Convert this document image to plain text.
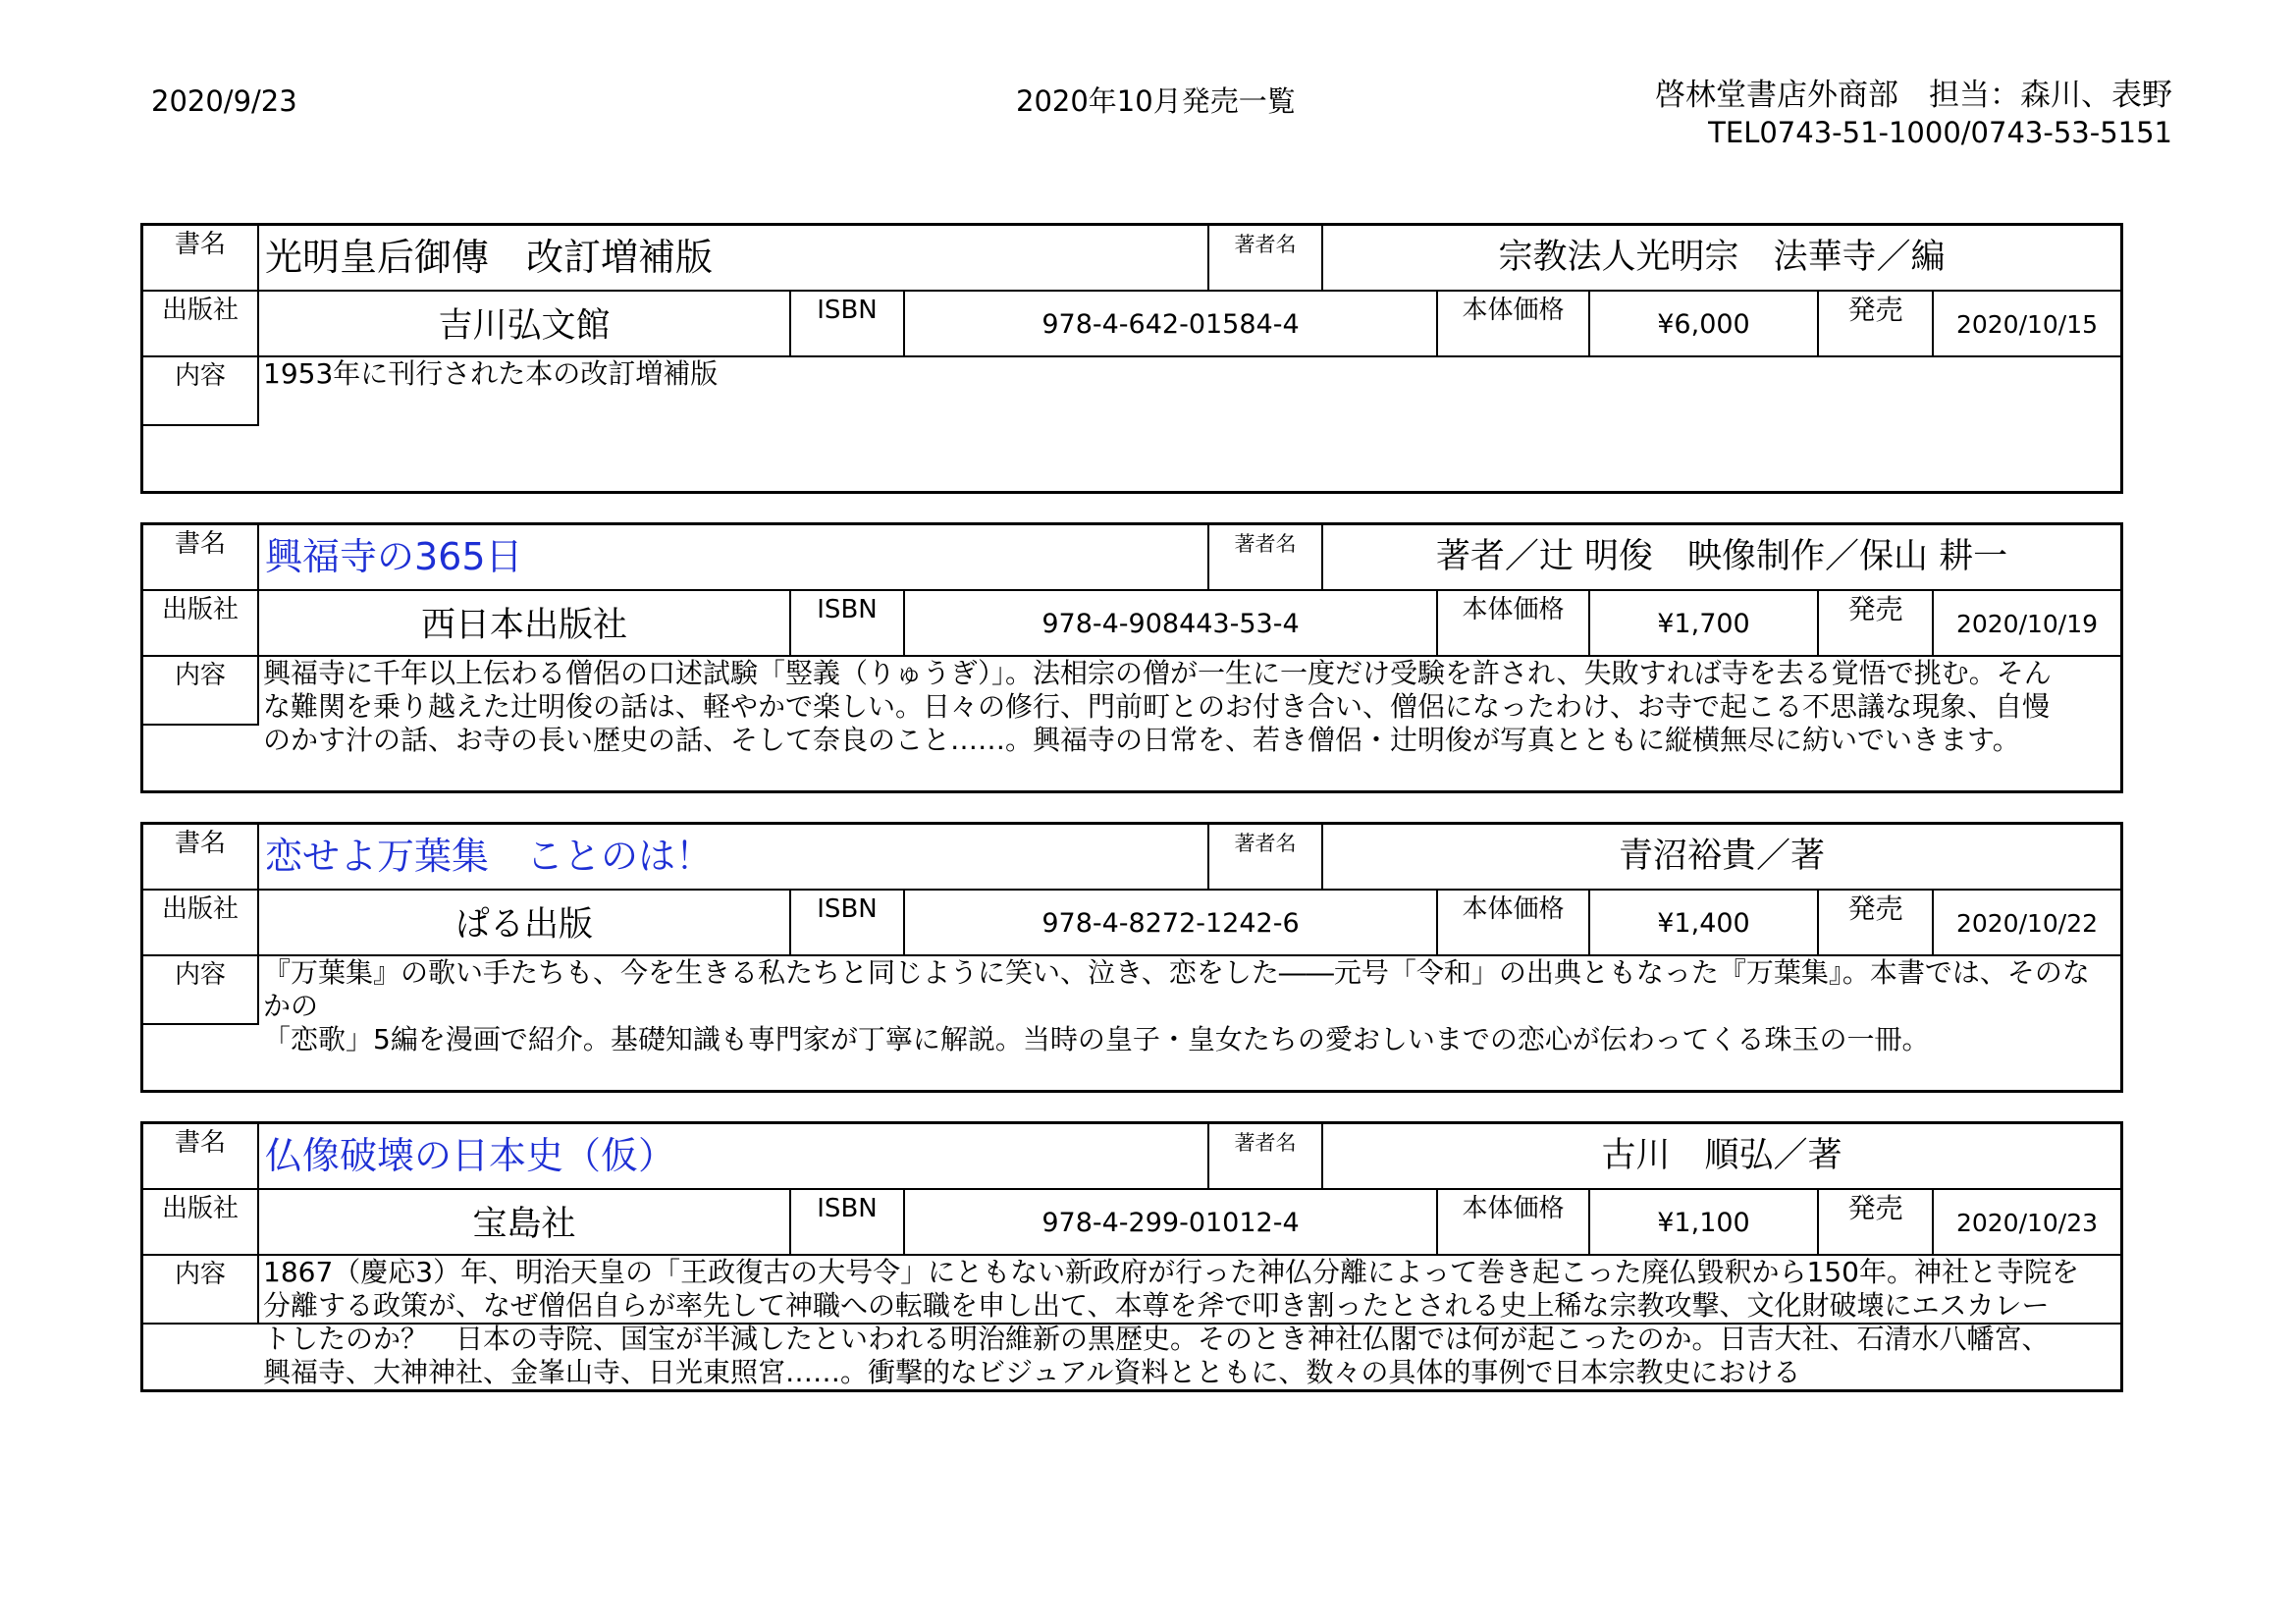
2020/9/23	2020年10月発売一覧	啓林堂書店外商部　担当：森川、表野
TEL0743-51-1000/0743-53-5151
書名	光明皇后御傳　改訂増補版	著者名	宗教法人光明宗　法華寺／編
出版社	吉川弘文館	ISBN	978-4-642-01584-4	本体価格	¥6,000	発売	2020/10/15
内容	1953年に刊行された本の改訂増補版
書名	興福寺の365日	著者名	著者／辻 明俊　映像制作／保山 耕一
出版社	西日本出版社	ISBN	978-4-908443-53-4	本体価格	¥1,700	発売	2020/10/19
内容	興福寺に千年以上伝わる僧侶の口述試験「竪義（りゅうぎ）」。法相宗の僧が一生に一度だけ受験を許され、失敗すれば寺を去る覚悟で挑む。そん
な難関を乗り越えた辻明俊の話は、軽やかで楽しい。日々の修行、門前町とのお付き合い、僧侶になったわけ、お寺で起こる不思議な現象、自慢
のかす汁の話、お寺の長い歴史の話、そして奈良のこと……。興福寺の日常を、若き僧侶・辻明俊が写真とともに縦横無尽に紡いでいきます。
書名	恋せよ万葉集　ことのは！	著者名	青沼裕貴／著
出版社	ぱる出版	ISBN	978-4-8272-1242-6	本体価格	¥1,400	発売	2020/10/22
内容	『万葉集』の歌い手たちも、今を生きる私たちと同じように笑い、泣き、恋をした――元号「令和」の出典ともなった『万葉集』。本書では、そのなかの
「恋歌」5編を漫画で紹介。基礎知識も専門家が丁寧に解説。当時の皇子・皇女たちの愛おしいまでの恋心が伝わってくる珠玉の一冊。
書名	仏像破壊の日本史（仮）	著者名	古川　順弘／著
出版社	宝島社	ISBN	978-4-299-01012-4	本体価格	¥1,100	発売	2020/10/23
内容	1867（慶応3）年、明治天皇の「王政復古の大号令」にともない新政府が行った神仏分離によって巻き起こった廃仏毀釈から150年。神社と寺院を
分離する政策が、なぜ僧侶自らが率先して神職への転職を申し出て、本尊を斧で叩き割ったとされる史上稀な宗教攻撃、文化財破壊にエスカレー
トしたのか？　日本の寺院、国宝が半減したといわれる明治維新の黒歴史。そのとき神社仏閣では何が起こったのか。日吉大社、石清水八幡宮、
興福寺、大神神社、金峯山寺、日光東照宮……。衝撃的なビジュアル資料とともに、数々の具体的事例で日本宗教史における
